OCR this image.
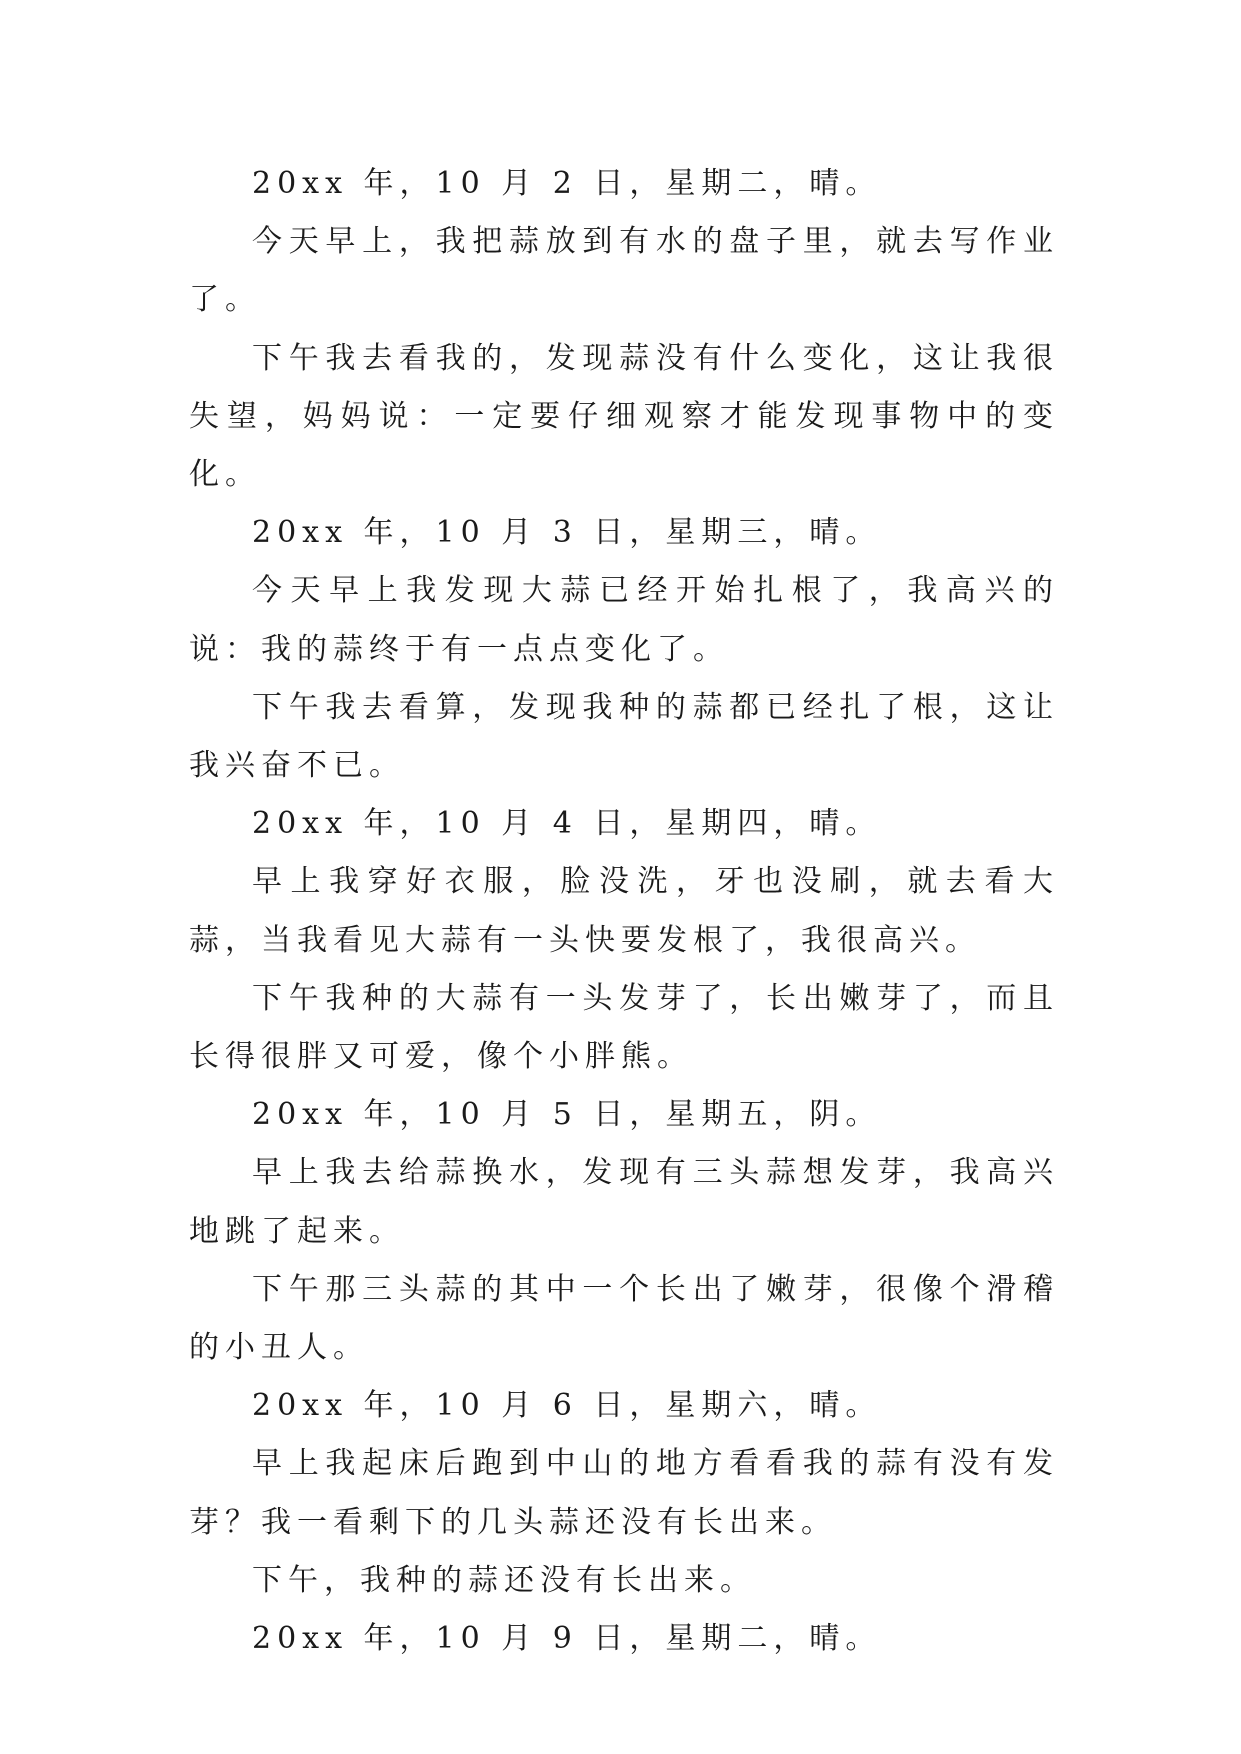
20xx 年，10 月 2 日，星期二，晴。

今天早上，我把蒜放到有水的盘子里，就去写作业了。

下午我去看我的，发现蒜没有什么变化，这让我很失望，妈妈说：一定要仔细观察才能发现事物中的变化。

20xx 年，10 月 3 日，星期三，晴。

今天早上我发现大蒜已经开始扎根了，我高兴的说：我的蒜终于有一点点变化了。

下午我去看算，发现我种的蒜都已经扎了根，这让我兴奋不已。

20xx 年，10 月 4 日，星期四，晴。

早上我穿好衣服，脸没洗，牙也没刷，就去看大蒜，当我看见大蒜有一头快要发根了，我很高兴。

下午我种的大蒜有一头发芽了，长出嫩芽了，而且长得很胖又可爱，像个小胖熊。

20xx 年，10 月 5 日，星期五，阴。

早上我去给蒜换水，发现有三头蒜想发芽，我高兴地跳了起来。

下午那三头蒜的其中一个长出了嫩芽，很像个滑稽的小丑人。

20xx 年，10 月 6 日，星期六，晴。

早上我起床后跑到中山的地方看看我的蒜有没有发芽？我一看剩下的几头蒜还没有长出来。

下午，我种的蒜还没有长出来。

20xx 年，10 月 9 日，星期二，晴。
